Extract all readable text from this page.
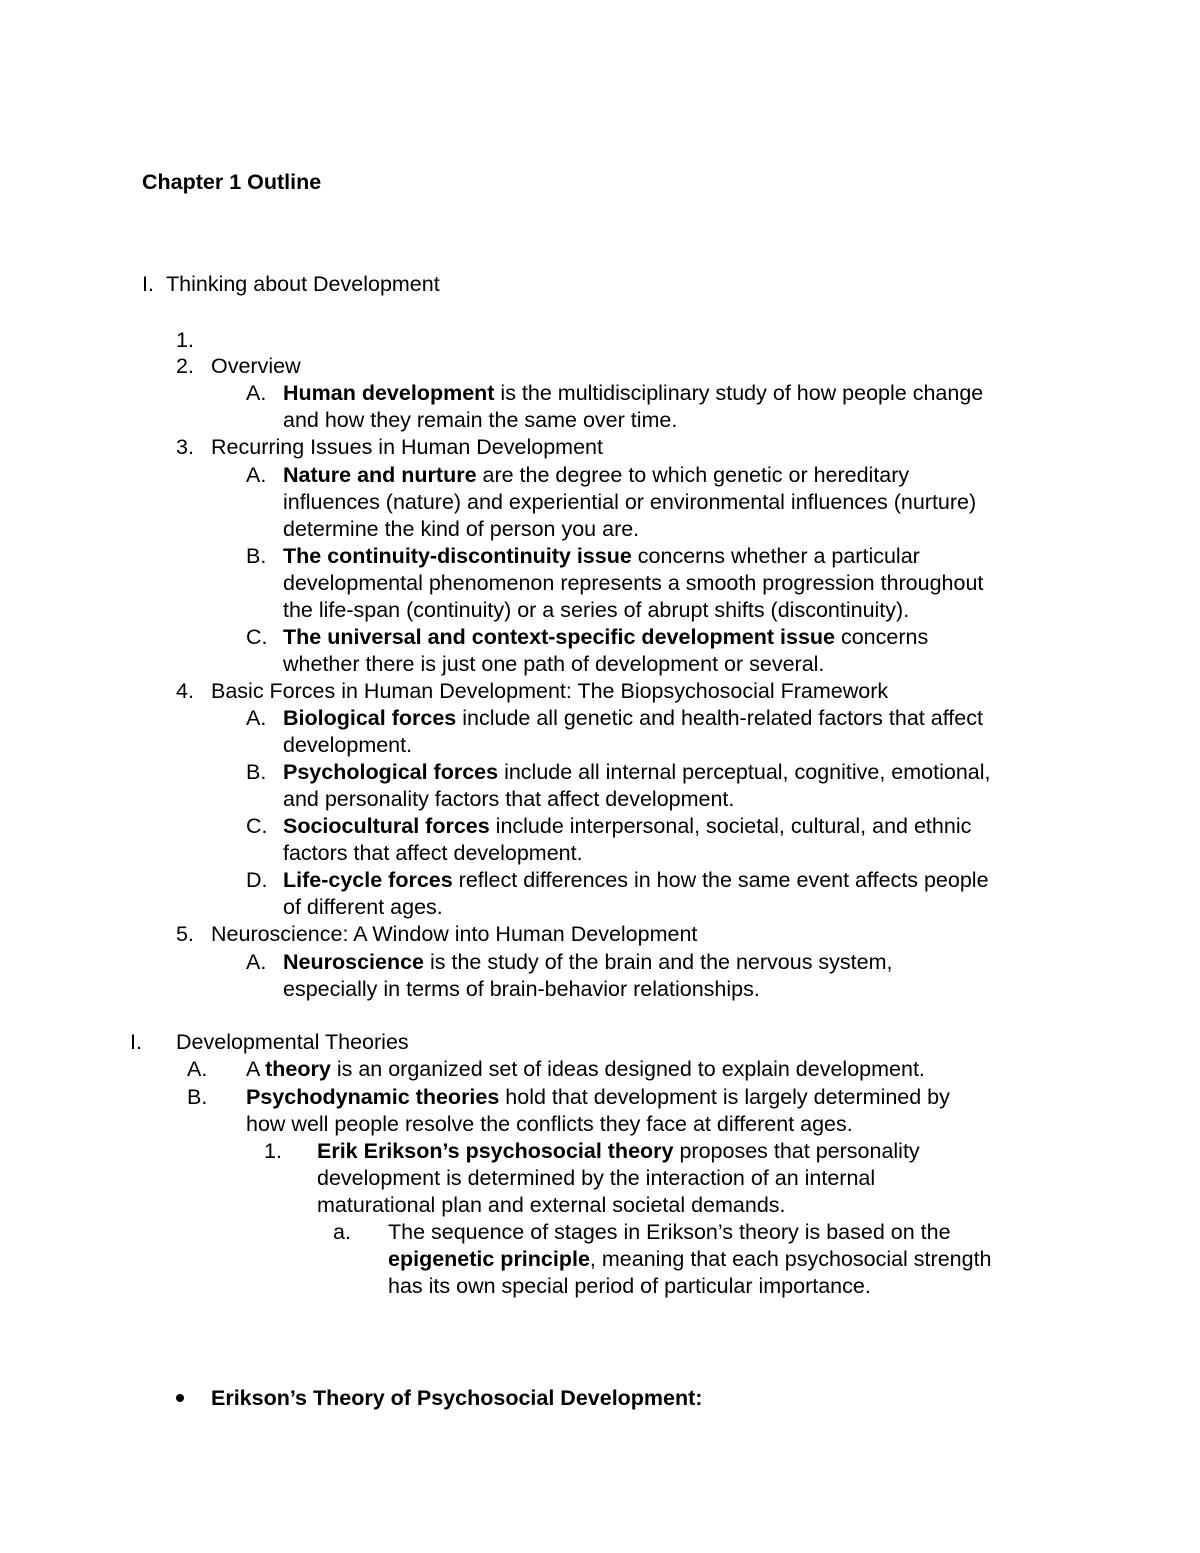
Chapter 1 Outline
I. Thinking about Development
1.
2. Overview
A. Human development is the multidisciplinary study of how people change
and how they remain the same over time.
3. Recurring Issues in Human Development
A. Nature and nurture are the degree to which genetic or hereditary
influences (nature) and experiential or environmental influences (nurture)
determine the kind of person you are.
B. The continuity-discontinuity issue concerns whether a particular
developmental phenomenon represents a smooth progression throughout
the life-span (continuity) or a series of abrupt shifts (discontinuity).
C. The universal and context-specific development issue concerns
whether there is just one path of development or several.
4. Basic Forces in Human Development: The Biopsychosocial Framework
A. Biological forces include all genetic and health-related factors that affect
development.
B. Psychological forces include all internal perceptual, cognitive, emotional,
and personality factors that affect development.
C. Sociocultural forces include interpersonal, societal, cultural, and ethnic
factors that affect development.
D. Life-cycle forces reflect differences in how the same event affects people
of different ages.
5. Neuroscience: A Window into Human Development
A. Neuroscience is the study of the brain and the nervous system,
especially in terms of brain-behavior relationships.
I. Developmental Theories
A. A theory is an organized set of ideas designed to explain development.
B. Psychodynamic theories hold that development is largely determined by
how well people resolve the conflicts they face at different ages.
1. Erik Erikson’s psychosocial theory proposes that personality
development is determined by the interaction of an internal
maturational plan and external societal demands.
a. The sequence of stages in Erikson’s theory is based on the
epigenetic principle, meaning that each psychosocial strength
has its own special period of particular importance.
Erikson’s Theory of Psychosocial Development:
